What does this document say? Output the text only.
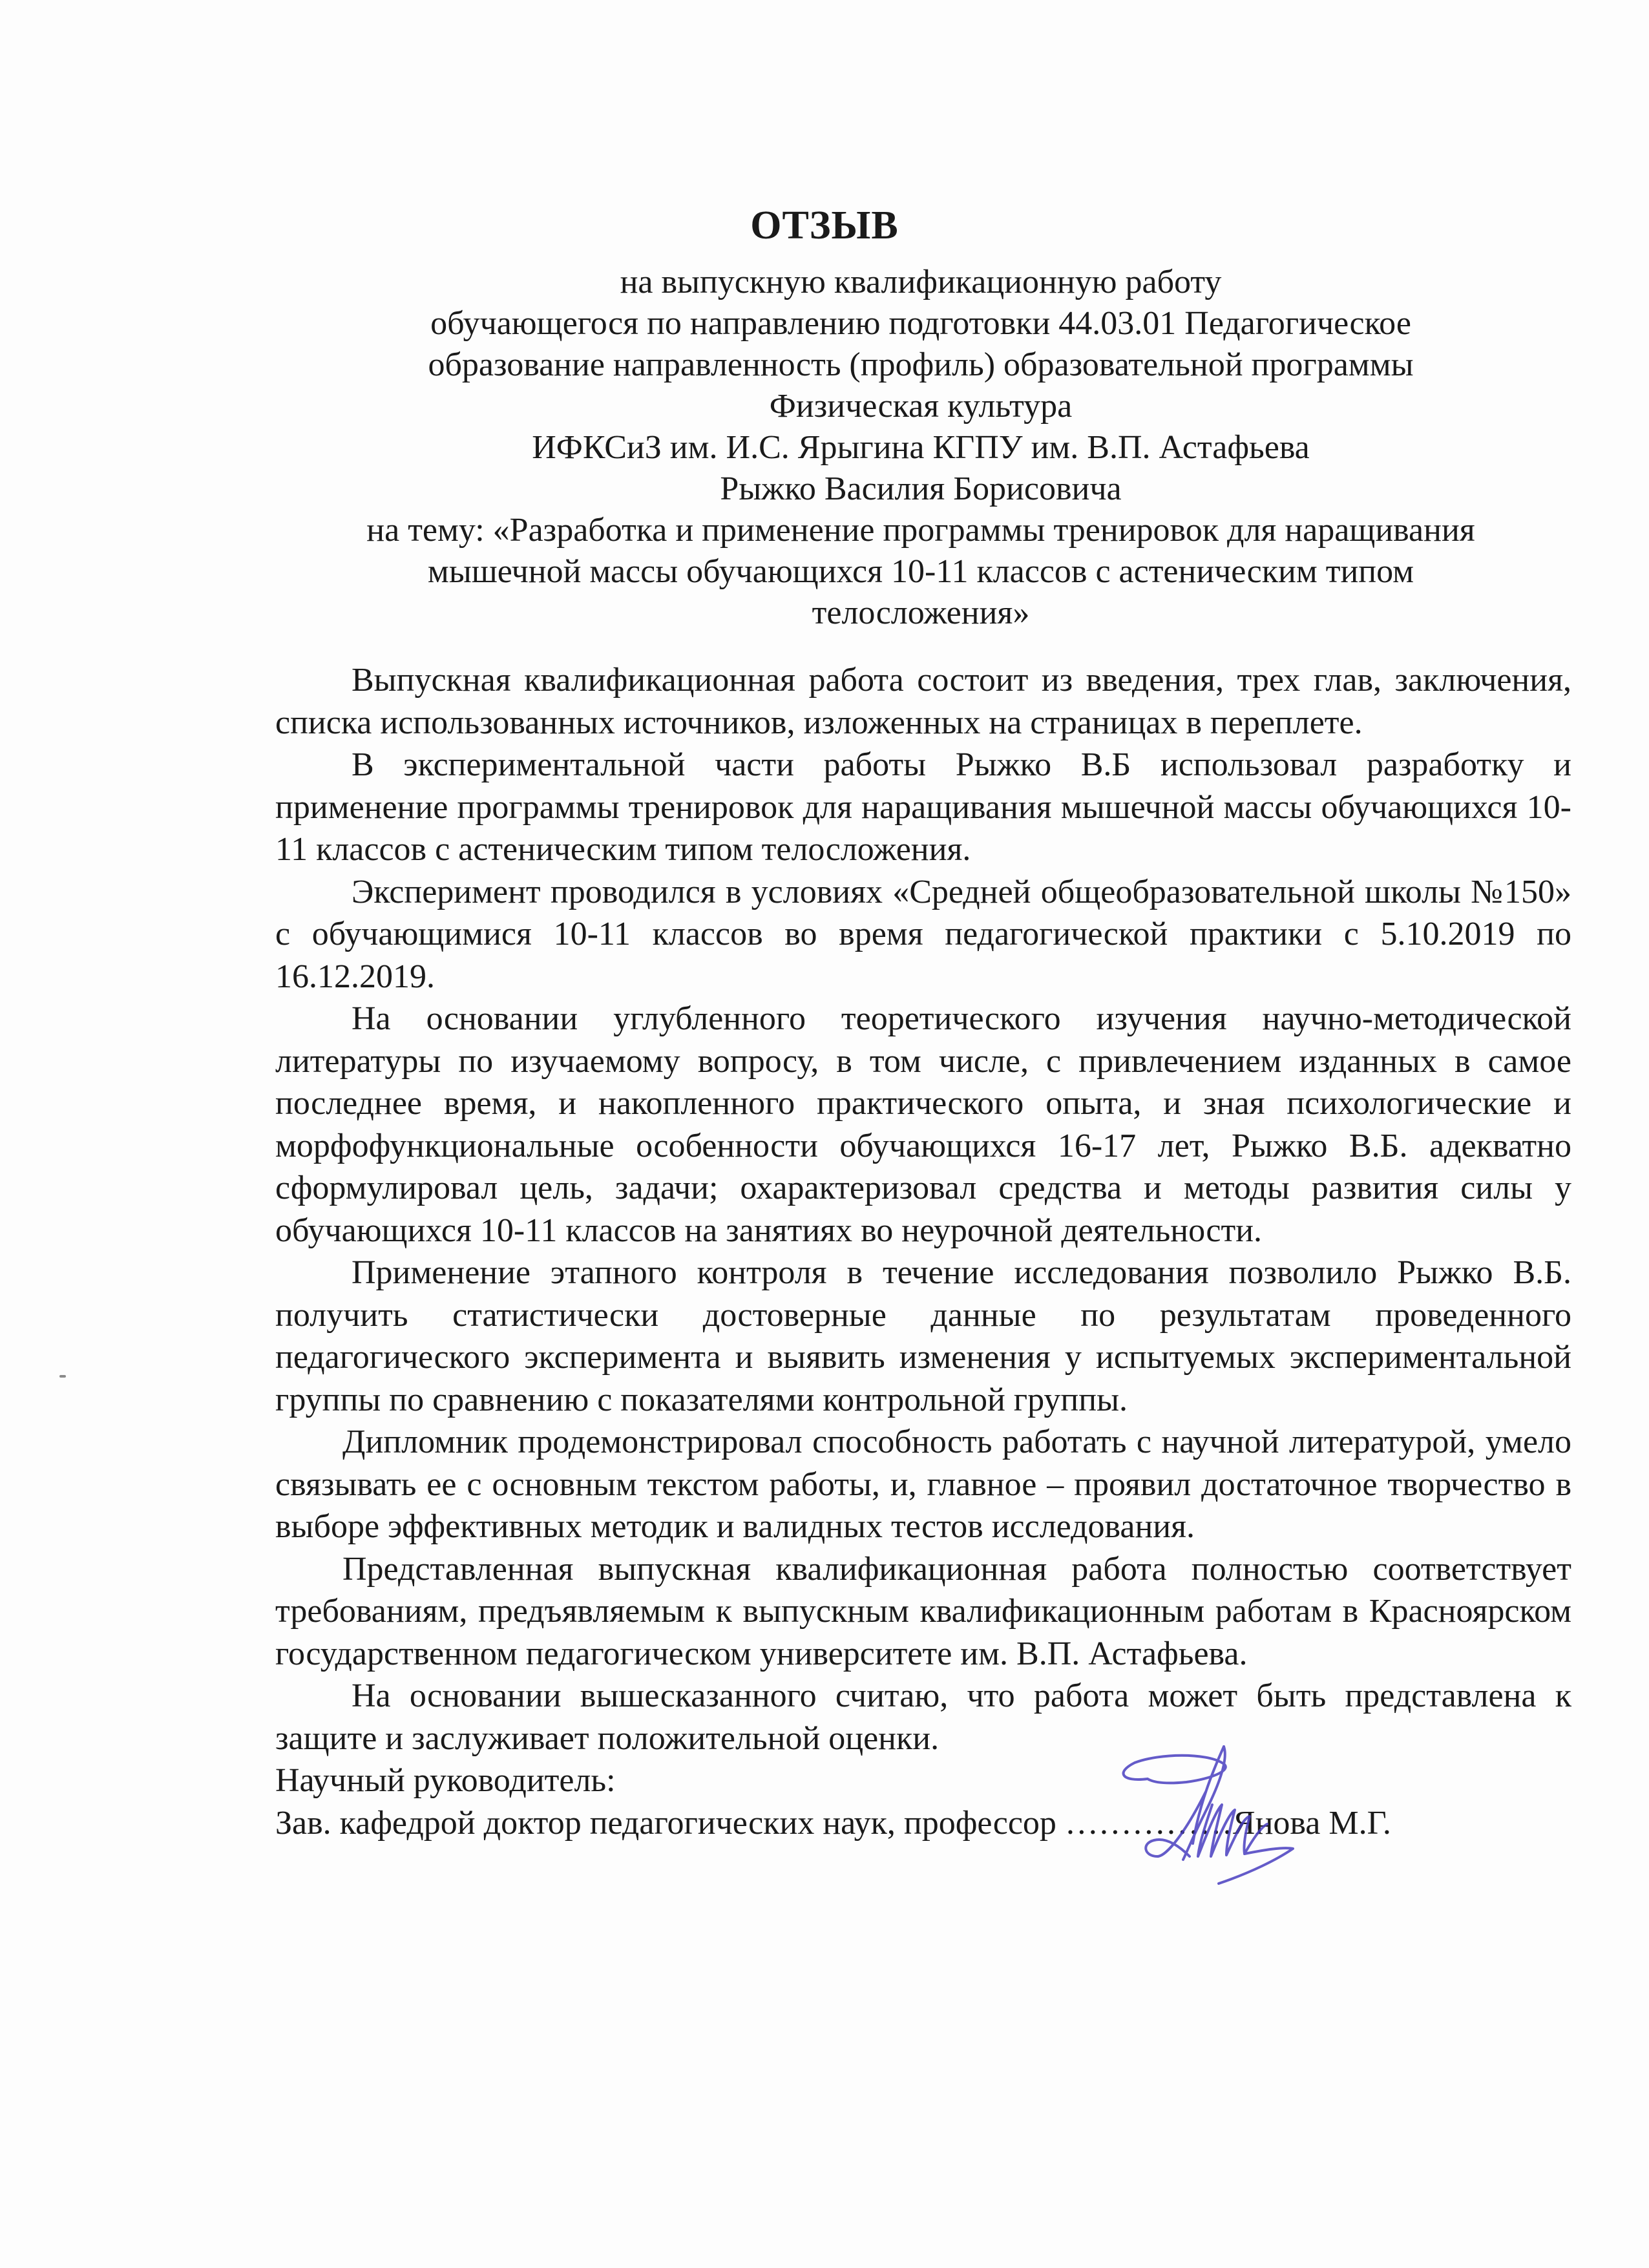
ОТЗЫВ
на выпускную квалификационную работу
обучающегося по направлению подготовки 44.03.01 Педагогическое
образование направленность (профиль) образовательной программы
Физическая культура
ИФКСиЗ им. И.С. Ярыгина КГПУ им. В.П. Астафьева
Рыжко Василия Борисовича
на тему: «Разработка и применение программы тренировок для наращивания
мышечной массы обучающихся 10-11 классов с астеническим типом
телосложения»

Выпускная квалификационная работа состоит из введения, трех глав, заключения, списка использованных источников, изложенных на страницах в переплете.

В экспериментальной части работы Рыжко В.Б использовал разработку и применение программы тренировок для наращивания мышечной массы обучающихся 10-11 классов с астеническим типом телосложения.

Эксперимент проводился в условиях «Средней общеобразовательной школы №150» с обучающимися 10-11 классов во время педагогической практики с 5.10.2019 по 16.12.2019.

На основании углубленного теоретического изучения научно-методической литературы по изучаемому вопросу, в том числе, с привлечением изданных в самое последнее время, и накопленного практического опыта, и зная психологические и морфофункциональные особенности обучающихся 16-17 лет, Рыжко В.Б. адекватно сформулировал цель, задачи; охарактеризовал средства и методы развития силы у обучающихся 10-11 классов на занятиях во неурочной деятельности.

Применение этапного контроля в течение исследования позволило Рыжко В.Б. получить статистически достоверные данные по результатам проведенного педагогического эксперимента и выявить изменения у испытуемых экспериментальной группы по сравнению с показателями контрольной группы.

Дипломник продемонстрировал способность работать с научной литературой, умело связывать ее с основным текстом работы, и, главное – проявил достаточное творчество в выборе эффективных методик и валидных тестов исследования.

Представленная выпускная квалификационная работа полностью соответствует требованиям, предъявляемым к выпускным квалификационным работам в Красноярском государственном педагогическом университете им. В.П. Астафьева.

На основании вышесказанного считаю, что работа может быть представлена к защите и заслуживает положительной оценки.

Научный руководитель:
Зав. кафедрой доктор педагогических наук, профессор ……………Янова М.Г.
